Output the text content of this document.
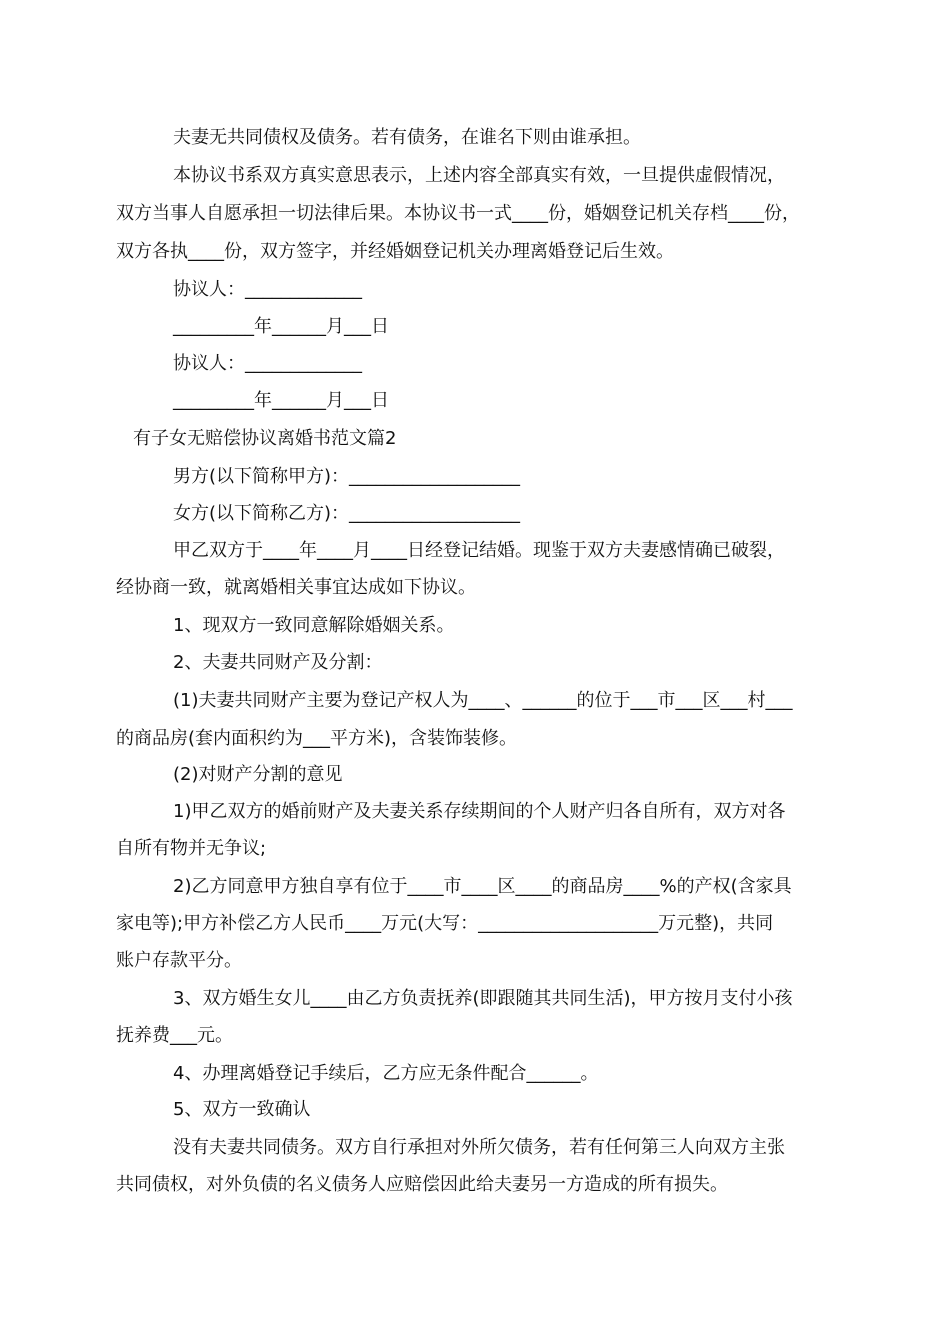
夫妻无共同债权及债务。若有债务，在谁名下则由谁承担。
本协议书系双方真实意思表示，上述内容全部真实有效，一旦提供虚假情况，
双方当事人自愿承担一切法律后果。本协议书一式____份，婚姻登记机关存档____份，
双方各执____份，双方签字，并经婚姻登记机关办理离婚登记后生效。
协议人：_____________
_________年______月___日
协议人：_____________
_________年______月___日
有子女无赔偿协议离婚书范文篇2
男方(以下简称甲方)：___________________
女方(以下简称乙方)：___________________
甲乙双方于____年____月____日经登记结婚。现鉴于双方夫妻感情确已破裂，
经协商一致，就离婚相关事宜达成如下协议。
1、现双方一致同意解除婚姻关系。
2、夫妻共同财产及分割：
(1)夫妻共同财产主要为登记产权人为____、______的位于___市___区___村___
的商品房(套内面积约为___平方米)，含装饰装修。
(2)对财产分割的意见
1)甲乙双方的婚前财产及夫妻关系存续期间的个人财产归各自所有，双方对各
自所有物并无争议;
2)乙方同意甲方独自享有位于____市____区____的商品房____%的产权(含家具
家电等);甲方补偿乙方人民币____万元(大写：____________________万元整)，共同
账户存款平分。
3、双方婚生女儿____由乙方负责抚养(即跟随其共同生活)，甲方按月支付小孩
抚养费___元。
4、办理离婚登记手续后，乙方应无条件配合______。
5、双方一致确认
没有夫妻共同债务。双方自行承担对外所欠债务，若有任何第三人向双方主张
共同债权，对外负债的名义债务人应赔偿因此给夫妻另一方造成的所有损失。
